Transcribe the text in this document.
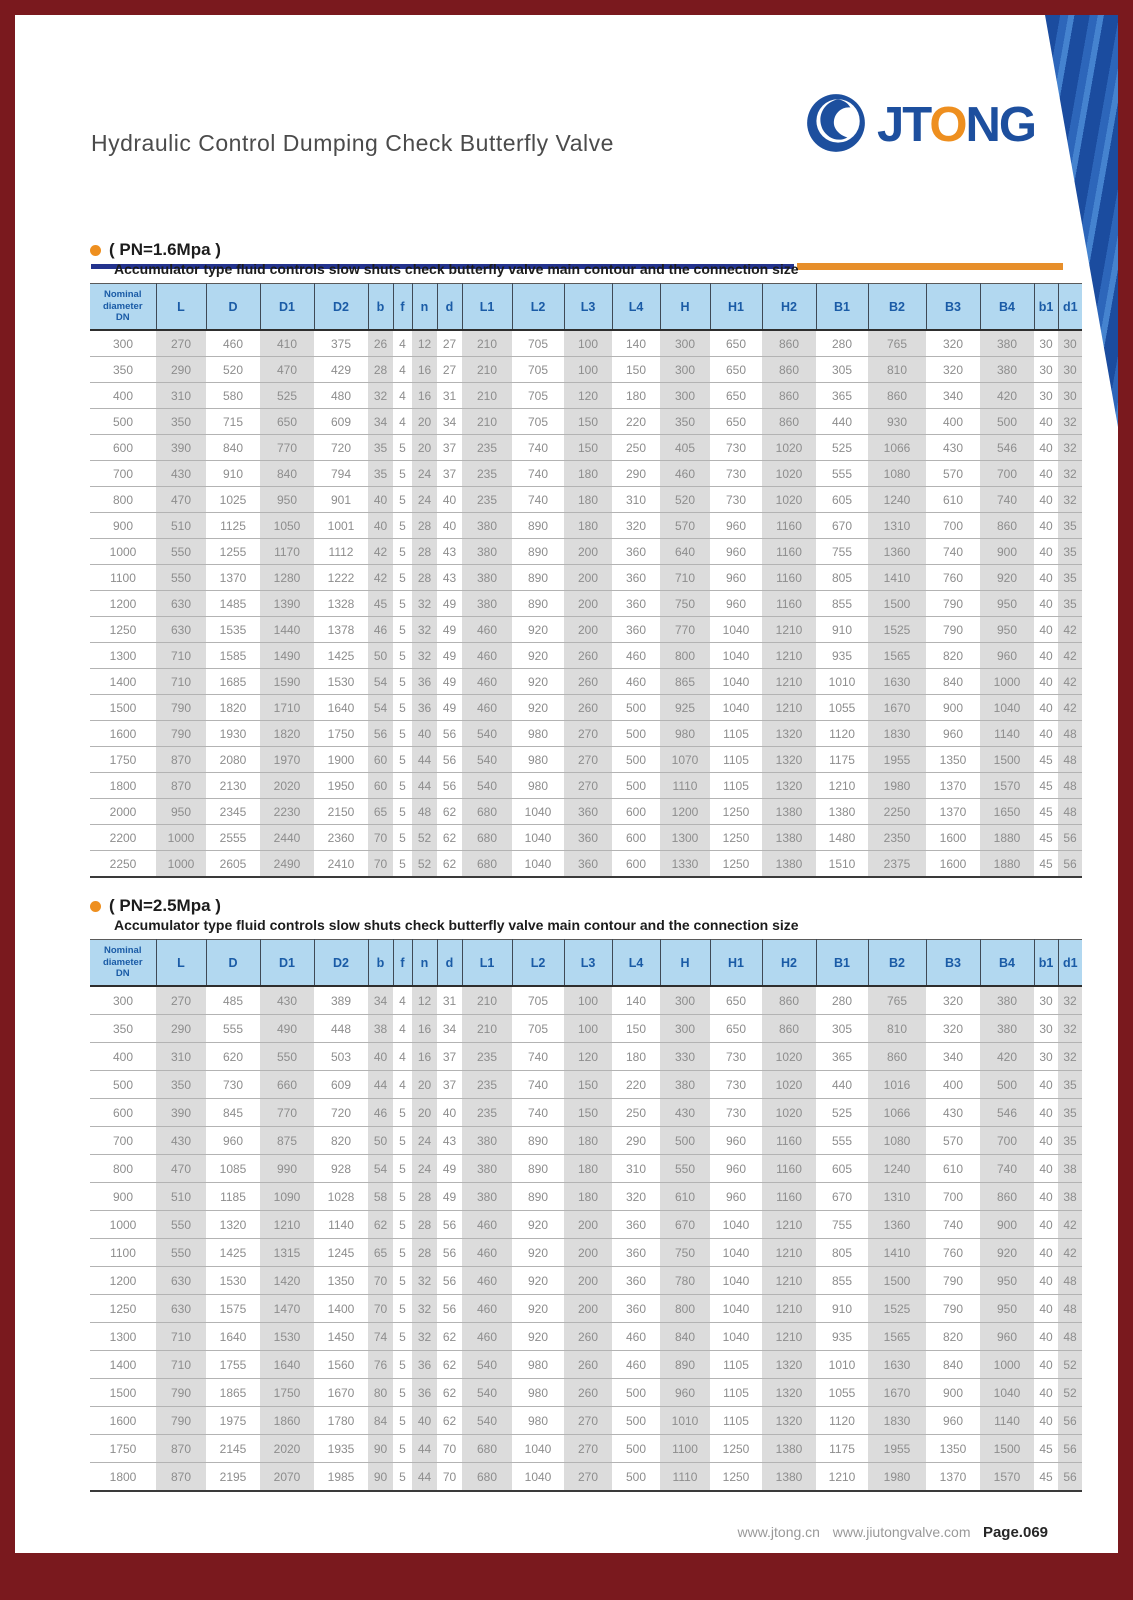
Hydraulic Control Dumping Check Butterfly Valve	JTONG
( PN=1.6Mpa )
Accumulator type fluid controls slow shuts check butterfly valve main contour and the connection size
Nominal
diameter
DN	L	D	D1	D2	b	f	n	d	L1	L2	L3	L4	H	H1	H2	B1	B2	B3	B4	b1	d1
300	270	460	410	375	26	4	12	27	210	705	100	140	300	650	860	280	765	320	380	30	30
350	290	520	470	429	28	4	16	27	210	705	100	150	300	650	860	305	810	320	380	30	30
400	310	580	525	480	32	4	16	31	210	705	120	180	300	650	860	365	860	340	420	30	30
500	350	715	650	609	34	4	20	34	210	705	150	220	350	650	860	440	930	400	500	40	32
600	390	840	770	720	35	5	20	37	235	740	150	250	405	730	1020	525	1066	430	546	40	32
700	430	910	840	794	35	5	24	37	235	740	180	290	460	730	1020	555	1080	570	700	40	32
800	470	1025	950	901	40	5	24	40	235	740	180	310	520	730	1020	605	1240	610	740	40	32
900	510	1125	1050	1001	40	5	28	40	380	890	180	320	570	960	1160	670	1310	700	860	40	35
1000	550	1255	1170	1112	42	5	28	43	380	890	200	360	640	960	1160	755	1360	740	900	40	35
1100	550	1370	1280	1222	42	5	28	43	380	890	200	360	710	960	1160	805	1410	760	920	40	35
1200	630	1485	1390	1328	45	5	32	49	380	890	200	360	750	960	1160	855	1500	790	950	40	35
1250	630	1535	1440	1378	46	5	32	49	460	920	200	360	770	1040	1210	910	1525	790	950	40	42
1300	710	1585	1490	1425	50	5	32	49	460	920	260	460	800	1040	1210	935	1565	820	960	40	42
1400	710	1685	1590	1530	54	5	36	49	460	920	260	460	865	1040	1210	1010	1630	840	1000	40	42
1500	790	1820	1710	1640	54	5	36	49	460	920	260	500	925	1040	1210	1055	1670	900	1040	40	42
1600	790	1930	1820	1750	56	5	40	56	540	980	270	500	980	1105	1320	1120	1830	960	1140	40	48
1750	870	2080	1970	1900	60	5	44	56	540	980	270	500	1070	1105	1320	1175	1955	1350	1500	45	48
1800	870	2130	2020	1950	60	5	44	56	540	980	270	500	1110	1105	1320	1210	1980	1370	1570	45	48
2000	950	2345	2230	2150	65	5	48	62	680	1040	360	600	1200	1250	1380	1380	2250	1370	1650	45	48
2200	1000	2555	2440	2360	70	5	52	62	680	1040	360	600	1300	1250	1380	1480	2350	1600	1880	45	56
2250	1000	2605	2490	2410	70	5	52	62	680	1040	360	600	1330	1250	1380	1510	2375	1600	1880	45	56
( PN=2.5Mpa )
Accumulator type fluid controls slow shuts check butterfly valve main contour and the connection size
Nominal
diameter
DN	L	D	D1	D2	b	f	n	d	L1	L2	L3	L4	H	H1	H2	B1	B2	B3	B4	b1	d1
300	270	485	430	389	34	4	12	31	210	705	100	140	300	650	860	280	765	320	380	30	32
350	290	555	490	448	38	4	16	34	210	705	100	150	300	650	860	305	810	320	380	30	32
400	310	620	550	503	40	4	16	37	235	740	120	180	330	730	1020	365	860	340	420	30	32
500	350	730	660	609	44	4	20	37	235	740	150	220	380	730	1020	440	1016	400	500	40	35
600	390	845	770	720	46	5	20	40	235	740	150	250	430	730	1020	525	1066	430	546	40	35
700	430	960	875	820	50	5	24	43	380	890	180	290	500	960	1160	555	1080	570	700	40	35
800	470	1085	990	928	54	5	24	49	380	890	180	310	550	960	1160	605	1240	610	740	40	38
900	510	1185	1090	1028	58	5	28	49	380	890	180	320	610	960	1160	670	1310	700	860	40	38
1000	550	1320	1210	1140	62	5	28	56	460	920	200	360	670	1040	1210	755	1360	740	900	40	42
1100	550	1425	1315	1245	65	5	28	56	460	920	200	360	750	1040	1210	805	1410	760	920	40	42
1200	630	1530	1420	1350	70	5	32	56	460	920	200	360	780	1040	1210	855	1500	790	950	40	48
1250	630	1575	1470	1400	70	5	32	56	460	920	200	360	800	1040	1210	910	1525	790	950	40	48
1300	710	1640	1530	1450	74	5	32	62	460	920	260	460	840	1040	1210	935	1565	820	960	40	48
1400	710	1755	1640	1560	76	5	36	62	540	980	260	460	890	1105	1320	1010	1630	840	1000	40	52
1500	790	1865	1750	1670	80	5	36	62	540	980	260	500	960	1105	1320	1055	1670	900	1040	40	52
1600	790	1975	1860	1780	84	5	40	62	540	980	270	500	1010	1105	1320	1120	1830	960	1140	40	56
1750	870	2145	2020	1935	90	5	44	70	680	1040	270	500	1100	1250	1380	1175	1955	1350	1500	45	56
1800	870	2195	2070	1985	90	5	44	70	680	1040	270	500	1110	1250	1380	1210	1980	1370	1570	45	56
www.jtong.cn www.jiutongvalve.com Page.069
